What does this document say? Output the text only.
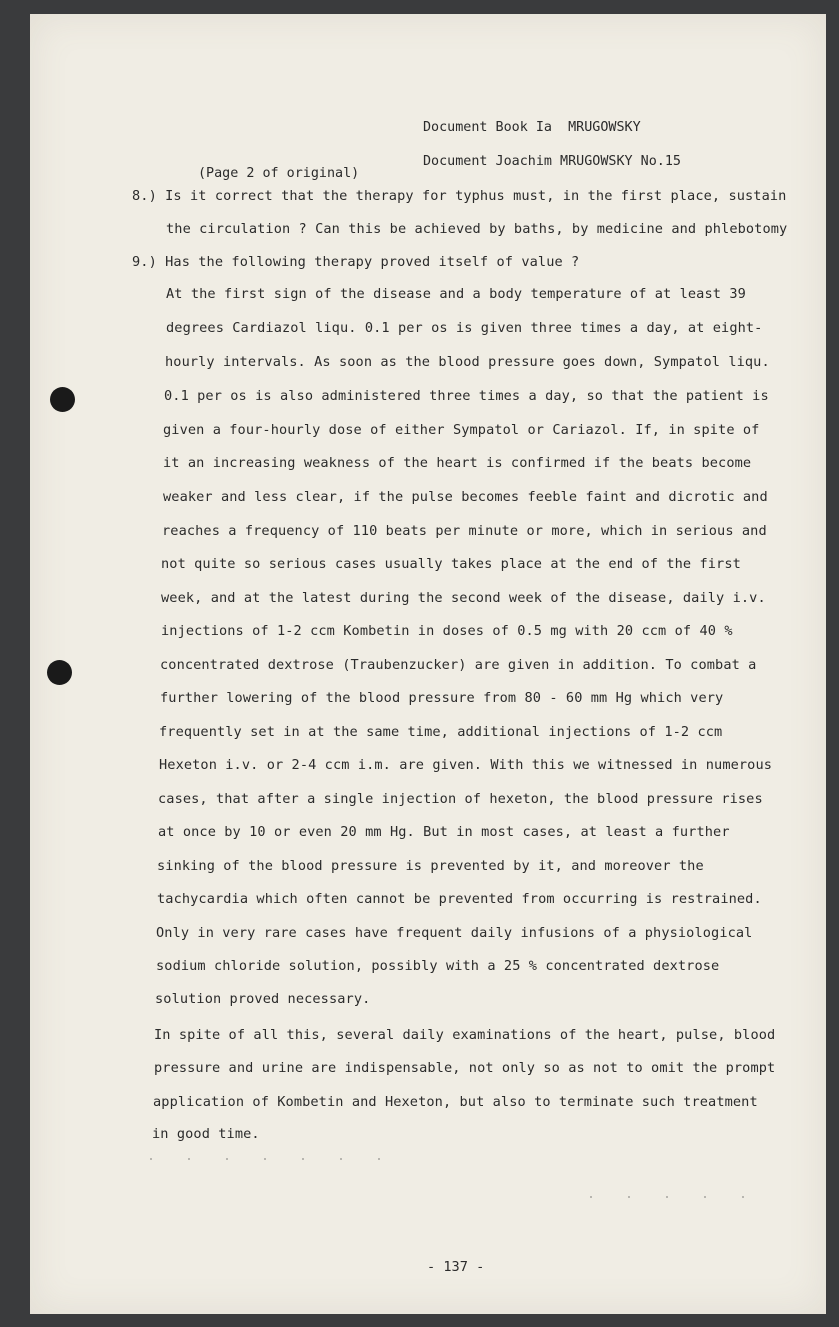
Document Book Ia  MRUGOWSKY
Document Joachim MRUGOWSKY No.15
(Page 2 of original)
8.) Is it correct that the therapy for typhus must, in the first place, sustain
the circulation ? Can this be achieved by baths, by medicine and phlebotomy
9.) Has the following therapy proved itself of value ?
At the first sign of the disease and a body temperature of at least 39
degrees Cardiazol liqu. 0.1 per os is given three times a day, at eight-
hourly intervals. As soon as the blood pressure goes down, Sympatol liqu.
0.1 per os is also administered three times a day, so that the patient is
given a four-hourly dose of either Sympatol or Cariazol. If, in spite of
it an increasing weakness of the heart is confirmed if the beats become
weaker and less clear, if the pulse becomes feeble faint and dicrotic and
reaches a frequency of 110 beats per minute or more, which in serious and
not quite so serious cases usually takes place at the end of the first
week, and at the latest during the second week of the disease, daily i.v.
injections of 1-2 ccm Kombetin in doses of 0.5 mg with 20 ccm of 40 %
concentrated dextrose (Traubenzucker) are given in addition. To combat a
further lowering of the blood pressure from 80 - 60 mm Hg which very
frequently set in at the same time, additional injections of 1-2 ccm
Hexeton i.v. or 2-4 ccm i.m. are given. With this we witnessed in numerous
cases, that after a single injection of hexeton, the blood pressure rises
at once by 10 or even 20 mm Hg. But in most cases, at least a further
sinking of the blood pressure is prevented by it, and moreover the
tachycardia which often cannot be prevented from occurring is restrained.
Only in very rare cases have frequent daily infusions of a physiological
sodium chloride solution, possibly with a 25 % concentrated dextrose
solution proved necessary.
In spite of all this, several daily examinations of the heart, pulse, blood
pressure and urine are indispensable, not only so as not to omit the prompt
application of Kombetin and Hexeton, but also to terminate such treatment
in good time.
- 137 -
